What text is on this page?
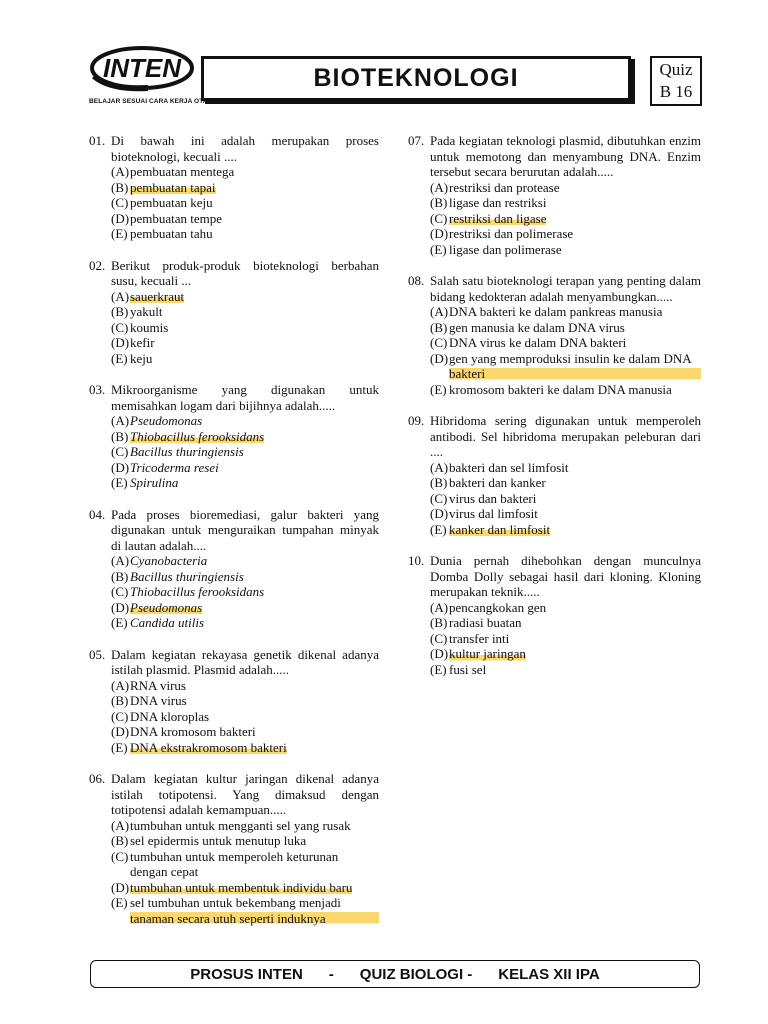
INTEN
BELAJAR SESUAI CARA KERJA OTAK
BIOTEKNOLOGI	Quiz
B 16
01. Di bawah ini adalah merupakan proses bioteknologi, kecuali ....
(A) pembuatan mentega
(B) pembuatan tapai
(C) pembuatan keju
(D) pembuatan tempe
(E) pembuatan tahu
02. Berikut produk-produk bioteknologi berbahan susu, kecuali ...
(A) sauerkraut
(B) yakult
(C) koumis
(D) kefir
(E) keju
03. Mikroorganisme yang digunakan untuk memisahkan logam dari bijihnya adalah.....
(A) Pseudomonas
(B) Thiobacillus ferooksidans
(C) Bacillus thuringiensis
(D) Tricoderma resei
(E) Spirulina
04. Pada proses bioremediasi, galur bakteri yang digunakan untuk menguraikan tumpahan minyak di lautan adalah....
(A) Cyanobacteria
(B) Bacillus thuringiensis
(C) Thiobacillus ferooksidans
(D) Pseudomonas
(E) Candida utilis
05. Dalam kegiatan rekayasa genetik dikenal adanya istilah plasmid. Plasmid adalah.....
(A) RNA virus
(B) DNA virus
(C) DNA kloroplas
(D) DNA kromosom bakteri
(E) DNA ekstrakromosom bakteri
06. Dalam kegiatan kultur jaringan dikenal adanya istilah totipotensi. Yang dimaksud dengan totipotensi adalah kemampuan.....
(A) tumbuhan untuk mengganti sel yang rusak
(B) sel epidermis untuk menutup luka
(C) tumbuhan untuk memperoleh keturunan dengan cepat
(D) tumbuhan untuk membentuk individu baru
(E) sel tumbuhan untuk bekembang menjadi tanaman secara utuh seperti induknya
07. Pada kegiatan teknologi plasmid, dibutuhkan enzim untuk memotong dan menyambung DNA. Enzim tersebut secara berurutan adalah.....
(A) restriksi dan protease
(B) ligase dan restriksi
(C) restriksi dan ligase
(D) restriksi dan polimerase
(E) ligase dan polimerase
08. Salah satu bioteknologi terapan yang penting dalam bidang kedokteran adalah menyambungkan.....
(A) DNA bakteri ke dalam pankreas manusia
(B) gen manusia ke dalam DNA virus
(C) DNA virus ke dalam DNA bakteri
(D) gen yang memproduksi insulin ke dalam DNA bakteri
(E) kromosom bakteri ke dalam DNA manusia
09. Hibridoma sering digunakan untuk memperoleh antibodi. Sel hibridoma merupakan peleburan dari ....
(A) bakteri dan sel limfosit
(B) bakteri dan kanker
(C) virus dan bakteri
(D) virus dal limfosit
(E) kanker dan limfosit
10. Dunia pernah dihebohkan dengan munculnya Domba Dolly sebagai hasil dari kloning. Kloning merupakan teknik.....
(A) pencangkokan gen
(B) radiasi buatan
(C) transfer inti
(D) kultur jaringan
(E) fusi sel
PROSUS INTEN - QUIZ BIOLOGI - KELAS XII IPA
